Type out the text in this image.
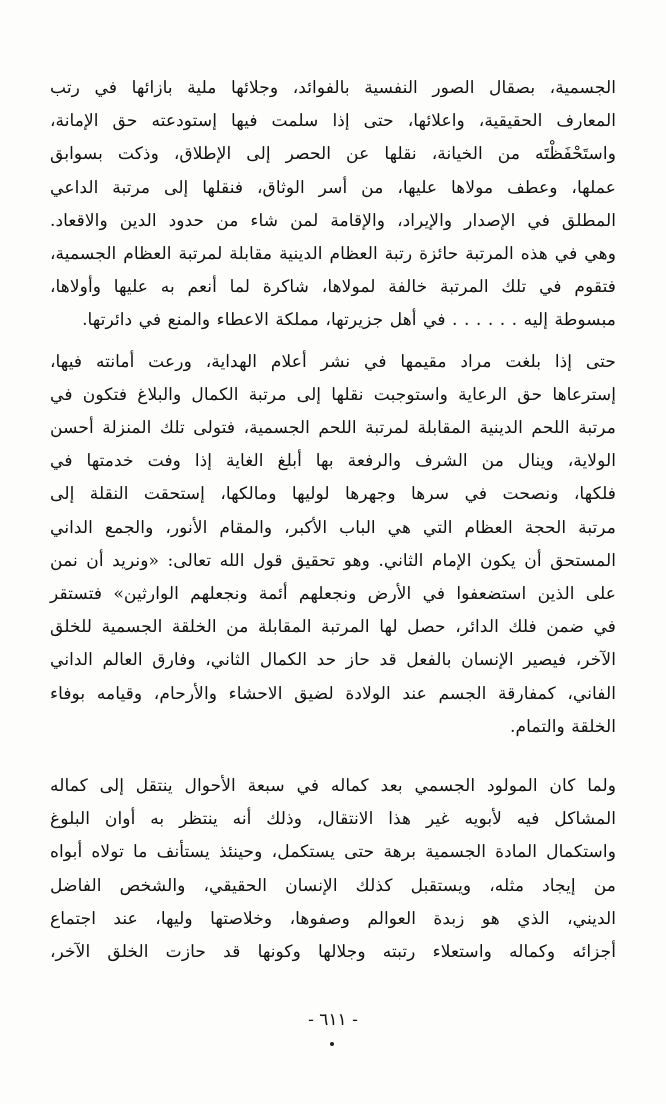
الجسمية، بصقال الصور النفسية بالفوائد، وجلائها ملية بازائها في رتب
المعارف الحقيقية، واعلائها، حتى إذا سلمت فيها إستودعته حق الإمانة،
واستَحْفَظْتَه من الخيانة، نقلها عن الحصر إلى الإطلاق، وذكت بسوابق
عملها، وعطف مولاها عليها، من أسر الوثاق، فنقلها إلى مرتبة الداعي
المطلق في الإصدار والإيراد، والإقامة لمن شاء من حدود الدين والاقعاد.
وهي في هذه المرتبة حائزة رتبة العظام الدينية مقابلة لمرتبة العظام الجسمية،
فتقوم في تلك المرتبة خالفة لمولاها، شاكرة لما أنعم به عليها وأولاها،
مبسوطة إليه . . . . . . في أهل جزيرتها، مملكة الاعطاء والمنع في دائرتها.

حتى إذا بلغت مراد مقيمها في نشر أعلام الهداية، ورعت أمانته فيها،
إسترعاها حق الرعاية واستوجبت نقلها إلى مرتبة الكمال والبلاغ فتكون في
مرتبة اللحم الدينية المقابلة لمرتبة اللحم الجسمية، فتولى تلك المنزلة أحسن
الولاية، وينال من الشرف والرفعة بها أبلغ الغاية إذا وفت خدمتها في
فلكها، ونصحت في سرها وجهرها لوليها ومالكها، إستحقت النقلة إلى
مرتبة الحجة العظام التي هي الباب الأكبر، والمقام الأنور، والجمع الداني
المستحق أن يكون الإمام الثاني. وهو تحقيق قول الله تعالى: «ونريد أن نمن
على الذين استضعفوا في الأرض ونجعلهم أئمة ونجعلهم الوارثين» فتستقر
في ضمن فلك الدائر، حصل لها المرتبة المقابلة من الخلقة الجسمية للخلق
الآخر، فيصير الإنسان بالفعل قد حاز حد الكمال الثاني، وفارق العالم الداني
الفاني، كمفارقة الجسم عند الولادة لضيق الاحشاء والأرحام، وقيامه بوفاء
الخلقة والتمام.

ولما كان المولود الجسمي بعد كماله في سبعة الأحوال ينتقل إلى كماله
المشاكل فيه لأبويه غير هذا الانتقال، وذلك أنه ينتظر به أوان البلوغ
واستكمال المادة الجسمية برهة حتى يستكمل، وحينئذ يستأنف ما تولاه أبواه
من إيجاد مثله، ويستقبل كذلك الإنسان الحقيقي، والشخص الفاضل
الديني، الذي هو زبدة العوالم وصفوها، وخلاصتها وليها، عند اجتماع
أجزائه وكماله واستعلاء رتبته وجلالها وكونها قد حازت الخلق الآخر،

- ٦١١ -
